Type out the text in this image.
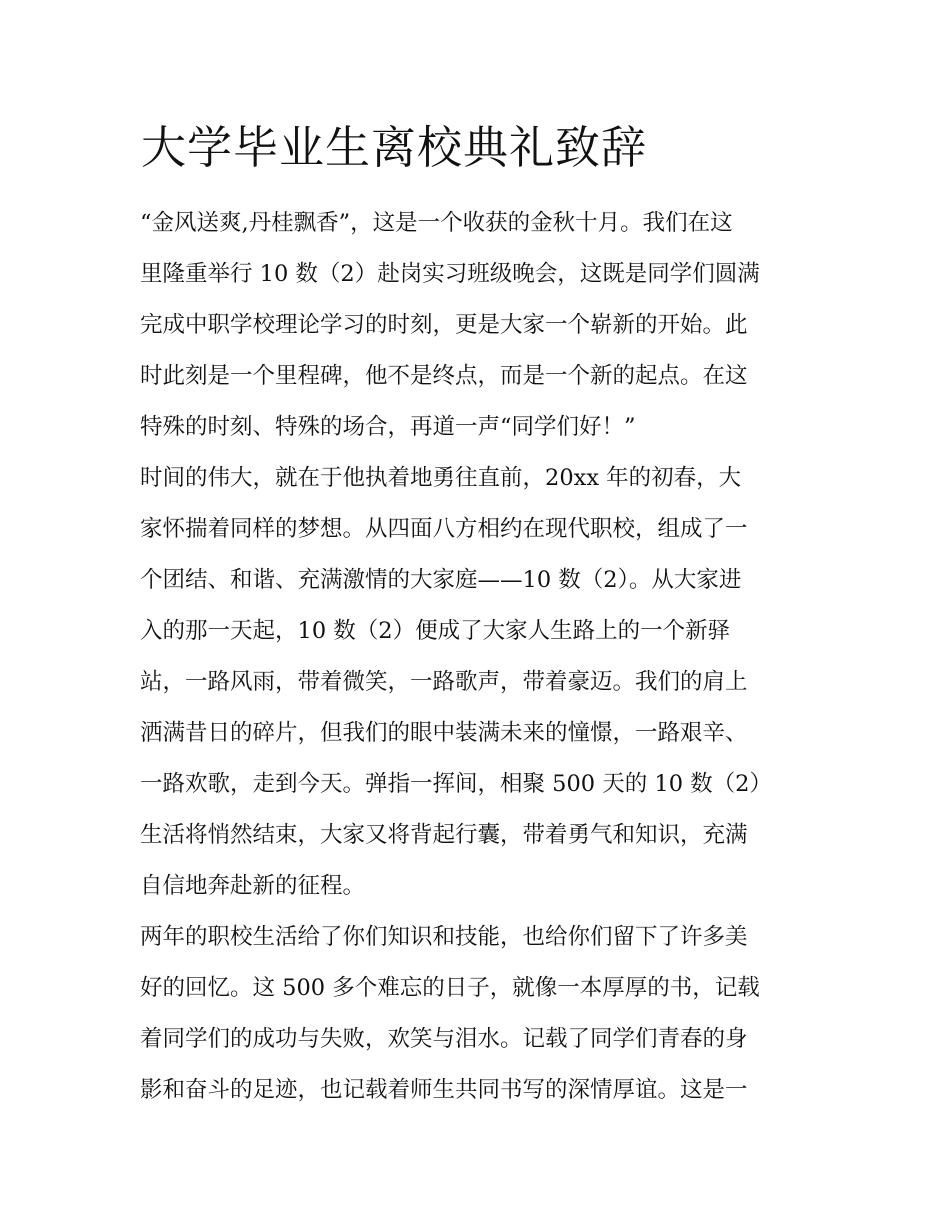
大学毕业生离校典礼致辞
“金风送爽,丹桂飘香”，这是一个收获的金秋十月。我们在这
里隆重举行 10 数（2）赴岗实习班级晚会，这既是同学们圆满
完成中职学校理论学习的时刻，更是大家一个崭新的开始。此
时此刻是一个里程碑，他不是终点，而是一个新的起点。在这
特殊的时刻、特殊的场合，再道一声“同学们好！”
时间的伟大，就在于他执着地勇往直前，20xx 年的初春，大
家怀揣着同样的梦想。从四面八方相约在现代职校，组成了一
个团结、和谐、充满激情的大家庭——10 数（2）。从大家进
入的那一天起，10 数（2）便成了大家人生路上的一个新驿
站，一路风雨，带着微笑，一路歌声，带着豪迈。我们的肩上
洒满昔日的碎片，但我们的眼中装满未来的憧憬，一路艰辛、
一路欢歌，走到今天。弹指一挥间，相聚 500 天的 10 数（2）
生活将悄然结束，大家又将背起行囊，带着勇气和知识，充满
自信地奔赴新的征程。
两年的职校生活给了你们知识和技能，也给你们留下了许多美
好的回忆。这 500 多个难忘的日子，就像一本厚厚的书，记载
着同学们的成功与失败，欢笑与泪水。记载了同学们青春的身
影和奋斗的足迹，也记载着师生共同书写的深情厚谊。这是一
